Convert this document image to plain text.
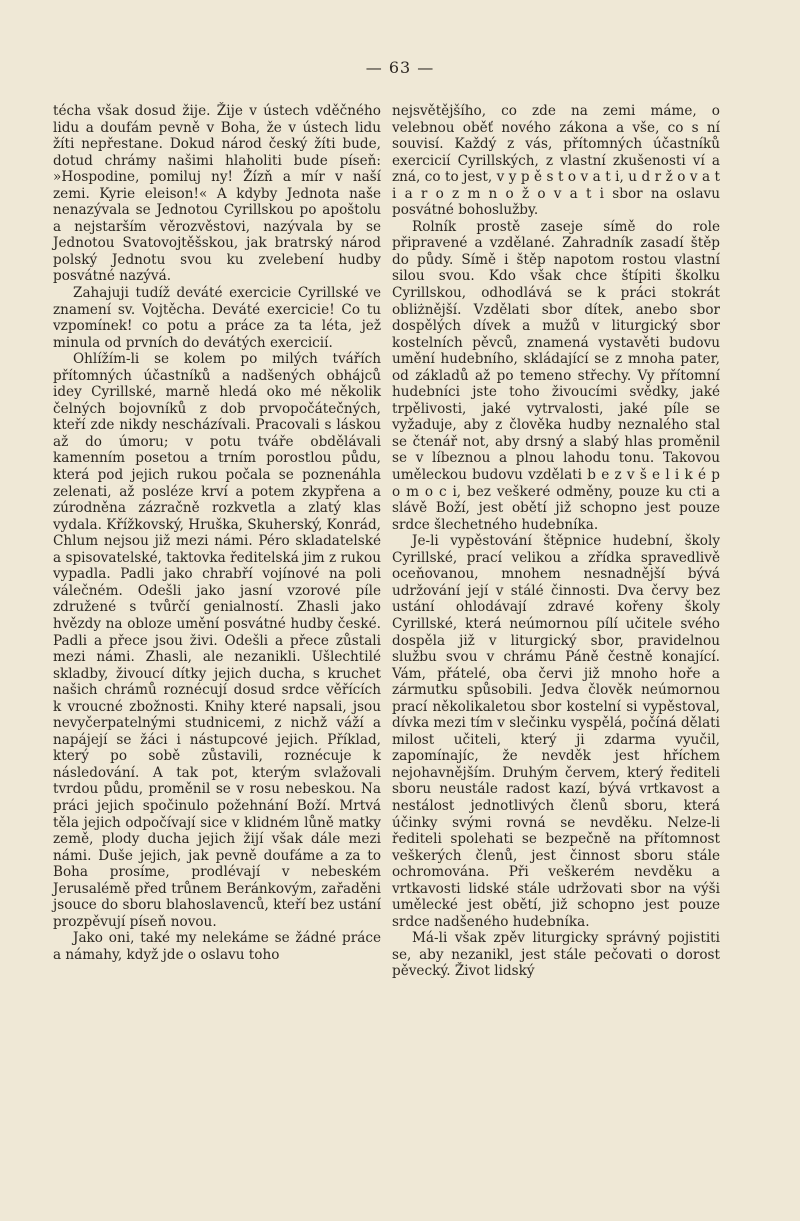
— 63 —

técha však dosud žije. Žije v ústech vděčného lidu a doufám pevně v Boha, že v ústech lidu žíti nepřestane. Dokud národ český žíti bude, dotud chrámy našimi hlaholiti bude píseň: »Hospodine, pomiluj ny! Žízň a mír v naší zemi. Kyrie eleison!« A kdyby Jednota naše nenazývala se Jednotou Cyrillskou po apoštolu a nejstarším věrozvěstovi, nazývala by se Jednotou Svatovojtěšskou, jak bratrský národ polský Jednotu svou ku zvelebení hudby posvátné nazývá.

Zahajuji tudíž deváté exercicie Cyrillské ve znamení sv. Vojtěcha. Deváté exercicie! Co tu vzpomínek! co potu a práce za ta léta, jež minula od prvních do devátých exercicií.

Ohlížím-li se kolem po milých tvářích přítomných účastníků a nadšených obhájců idey Cyrillské, marně hledá oko mé několik čelných bojovníků z dob prvopočátečných, kteří zde nikdy nescházívali. Pracovali s láskou až do úmoru; v potu tváře obdělávali kamenním posetou a trním porostlou půdu, která pod jejich rukou počala se poznenáhla zelenati, až posléze krví a potem zkypřena a zúrodněna zázračně rozkvetla a zlatý klas vydala. Křížkovský, Hruška, Skuherský, Konrád, Chlum nejsou již mezi námi. Péro skladatelské a spisovatelské, taktovka ředitelská jim z rukou vypadla. Padli jako chrabří vojínové na poli válečném. Odešli jako jasní vzorové píle združené s tvůrčí genialností. Zhasli jako hvězdy na obloze umění posvátné hudby české. Padli a přece jsou živi. Odešli a přece zůstali mezi námi. Zhasli, ale nezanikli. Ušlechtilé skladby, živoucí dítky jejich ducha, s kruchet našich chrámů roznécují dosud srdce věřících k vroucné zbožnosti. Knihy které napsali, jsou nevyčerpatelnými studnicemi, z nichž váží a napájejí se žáci i nástupcové jejich. Příklad, který po sobě zůstavili, roznécuje k následování. A tak pot, kterým svlažovali tvrdou půdu, proměnil se v rosu nebeskou. Na práci jejich spočinulo požehnání Boží. Mrtvá těla jejich odpočívají sice v klidném lůně matky země, plody ducha jejich žijí však dále mezi námi. Duše jejich, jak pevně doufáme a za to Boha prosíme, prodlévají v nebeském Jerusalémě před trůnem Beránkovým, zařaděni jsouce do sboru blahoslavenců, kteří bez ustání prozpěvují píseň novou.

Jako oni, také my nelekáme se žádné práce a námahy, když jde o oslavu toho

nejsvětějšího, co zde na zemi máme, o velebnou oběť nového zákona a vše, co s ní souvisí. Každý z vás, přítomných účastníků exercicií Cyrillských, z vlastní zkušenosti ví a zná, co to jest, v y p ě s t o v a t i, u d r ž o v a t i a r o z m n o ž o v a t i sbor na oslavu posvátné bohoslužby.

Rolník prostě zaseje símě do role připravené a vzdělané. Zahradník zasadí štěp do půdy. Símě i štěp napotom rostou vlastní silou svou. Kdo však chce štípiti školku Cyrillskou, odhodlává se k práci stokrát obliżnější. Vzdělati sbor dítek, anebo sbor dospělých dívek a mužů v liturgický sbor kostelních pěvců, znamená vystavěti budovu umění hudebního, skládající se z mnoha pater, od základů až po temeno střechy. Vy přítomní hudebníci jste toho živoucími svědky, jaké trpělivosti, jaké vytrvalosti, jaké píle se vyžaduje, aby z člověka hudby neznalého stal se čtenář not, aby drsný a slabý hlas proměnil se v líbeznou a plnou lahodu tonu. Takovou uměleckou budovu vzdělati b e z v š e l i k é p o m o c i, bez veškeré odměny, pouze ku cti a slávě Boží, jest obětí již schopno jest pouze srdce šlechetného hudebníka.

Je-li vypěstování štěpnice hudební, školy Cyrillské, prací velikou a zřídka spravedlivě oceňovanou, mnohem nesnadnější bývá udržování její v stálé činnosti. Dva červy bez ustání ohlodávají zdravé kořeny školy Cyrillské, která neúmornou pílí učitele svého dospěla již v liturgický sbor, pravidelnou službu svou v chrámu Páně čestně konající. Vám, přátelé, oba červi již mnoho hoře a zármutku spůsobili. Jedva člověk neúmornou prací několikaletou sbor kostelní si vypěstoval, dívka mezi tím v slečinku vyspělá, počíná dělati milost učiteli, který ji zdarma vyučil, zapomínajíc, že nevděk jest hříchem nejohavnějším. Druhým červem, který řediteli sboru neustále radost kazí, bývá vrtkavost a nestálost jednotlivých členů sboru, která účinky svými rovná se nevděku. Nelze-li řediteli spolehati se bezpečně na přítomnost veškerých členů, jest činnost sboru stále ochromována. Při veškerém nevděku a vrtkavosti lidské stále udržovati sbor na výši umělecké jest obětí, již schopno jest pouze srdce nadšeného hudebníka.

Má-li však zpěv liturgicky správný pojistiti se, aby nezanikl, jest stále pečovati o dorost pěvecký. Život lidský
